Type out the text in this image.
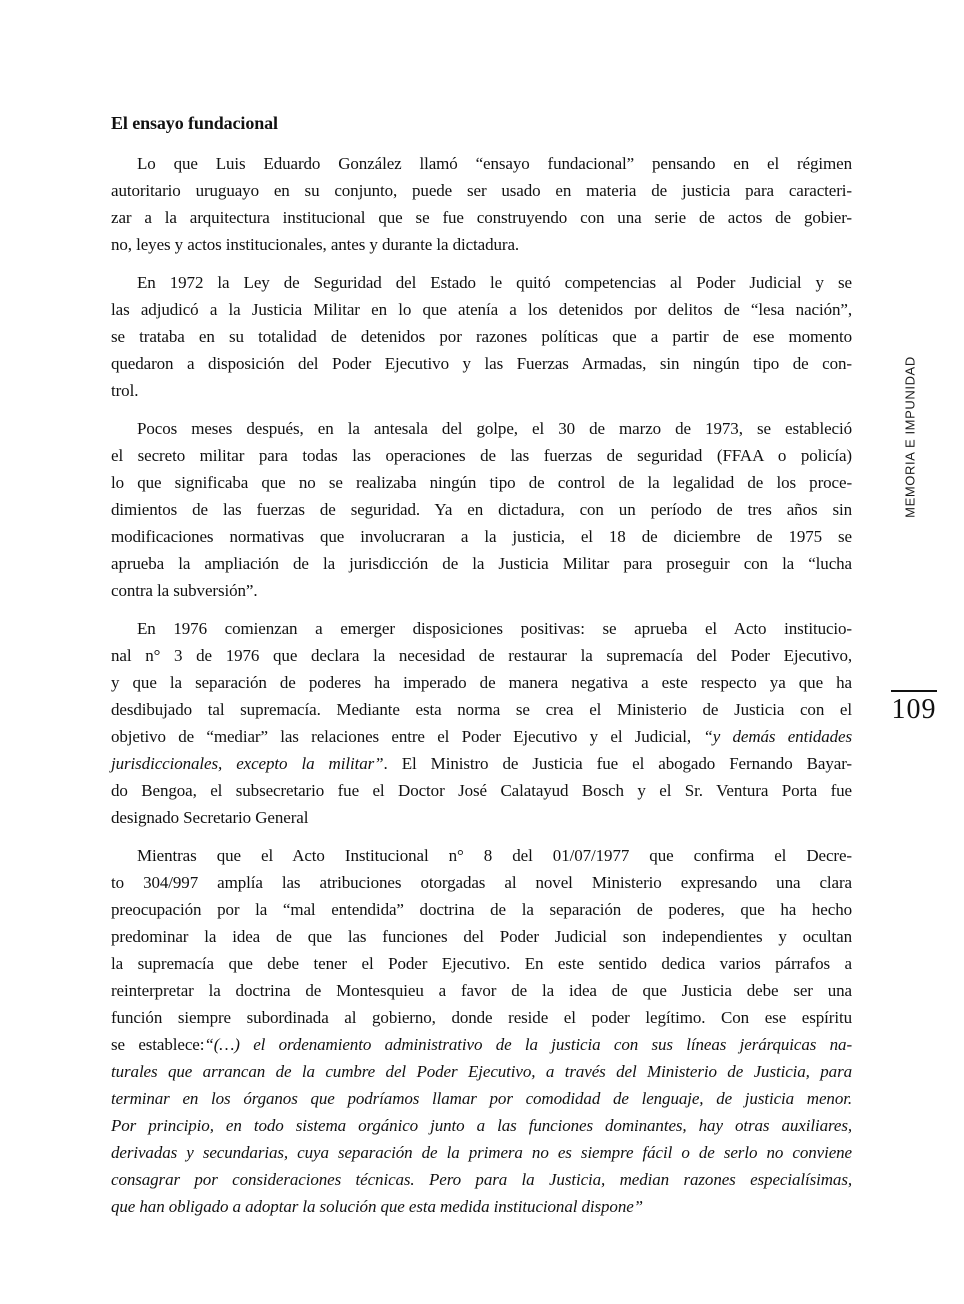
El ensayo fundacional
Lo que Luis Eduardo González llamó “ensayo fundacional” pensando en el régimen
autoritario uruguayo en su conjunto, puede ser usado en materia de justicia para caracteri-
zar a la arquitectura institucional que se fue construyendo con una serie de actos de gobier-
no, leyes y actos institucionales, antes y durante la dictadura.
En 1972 la Ley de Seguridad del Estado le quitó competencias al Poder Judicial y se
las adjudicó a la Justicia Militar en lo que atenía a los detenidos por delitos de “lesa nación”,
se trataba en su totalidad de detenidos por razones políticas que a partir de ese momento
quedaron a disposición del Poder Ejecutivo y las Fuerzas Armadas, sin ningún tipo de con-
trol.
Pocos meses después, en la antesala del golpe, el 30 de marzo de 1973, se estableció
el secreto militar para todas las operaciones de las fuerzas de seguridad (FFAA o policía)
lo que significaba que no se realizaba ningún tipo de control de la legalidad de los proce-
dimientos de las fuerzas de seguridad. Ya en dictadura, con un período de tres años sin
modificaciones normativas que involucraran a la justicia, el 18 de diciembre de 1975 se
aprueba la ampliación de la jurisdicción de la Justicia Militar para proseguir con la “lucha
contra la subversión”.
En 1976 comienzan a emerger disposiciones positivas: se aprueba el Acto institucio-
nal n° 3 de 1976 que declara la necesidad de restaurar la supremacía del Poder Ejecutivo,
y que la separación de poderes ha imperado de manera negativa a este respecto ya que ha
desdibujado tal supremacía. Mediante esta norma se crea el Ministerio de Justicia con el
objetivo de “mediar” las relaciones entre el Poder Ejecutivo y el Judicial, “y demás entidades
jurisdiccionales, excepto la militar”. El Ministro de Justicia fue el abogado Fernando Bayar-
do Bengoa, el subsecretario fue el Doctor José Calatayud Bosch y el Sr. Ventura Porta fue
designado Secretario General
Mientras que el Acto Institucional n° 8 del 01/07/1977 que confirma el Decre-
to 304/997 amplía las atribuciones otorgadas al novel Ministerio expresando una clara
preocupación por la “mal entendida” doctrina de la separación de poderes, que ha hecho
predominar la idea de que las funciones del Poder Judicial son independientes y ocultan
la supremacía que debe tener el Poder Ejecutivo. En este sentido dedica varios párrafos a
reinterpretar la doctrina de Montesquieu a favor de la idea de que Justicia debe ser una
función siempre subordinada al gobierno, donde reside el poder legítimo. Con ese espíritu
se establece:“(…) el ordenamiento administrativo de la justicia con sus líneas jerárquicas na-
turales que arrancan de la cumbre del Poder Ejecutivo, a través del Ministerio de Justicia, para
terminar en los órganos que podríamos llamar por comodidad de lenguaje, de justicia menor.
Por principio, en todo sistema orgánico junto a las funciones dominantes, hay otras auxiliares,
derivadas y secundarias, cuya separación de la primera no es siempre fácil o de serlo no conviene
consagrar por consideraciones técnicas. Pero para la Justicia, median razones especialísimas,
que han obligado a adoptar la solución que esta medida institucional dispone”
MEMORIA E IMPUNIDAD
109
